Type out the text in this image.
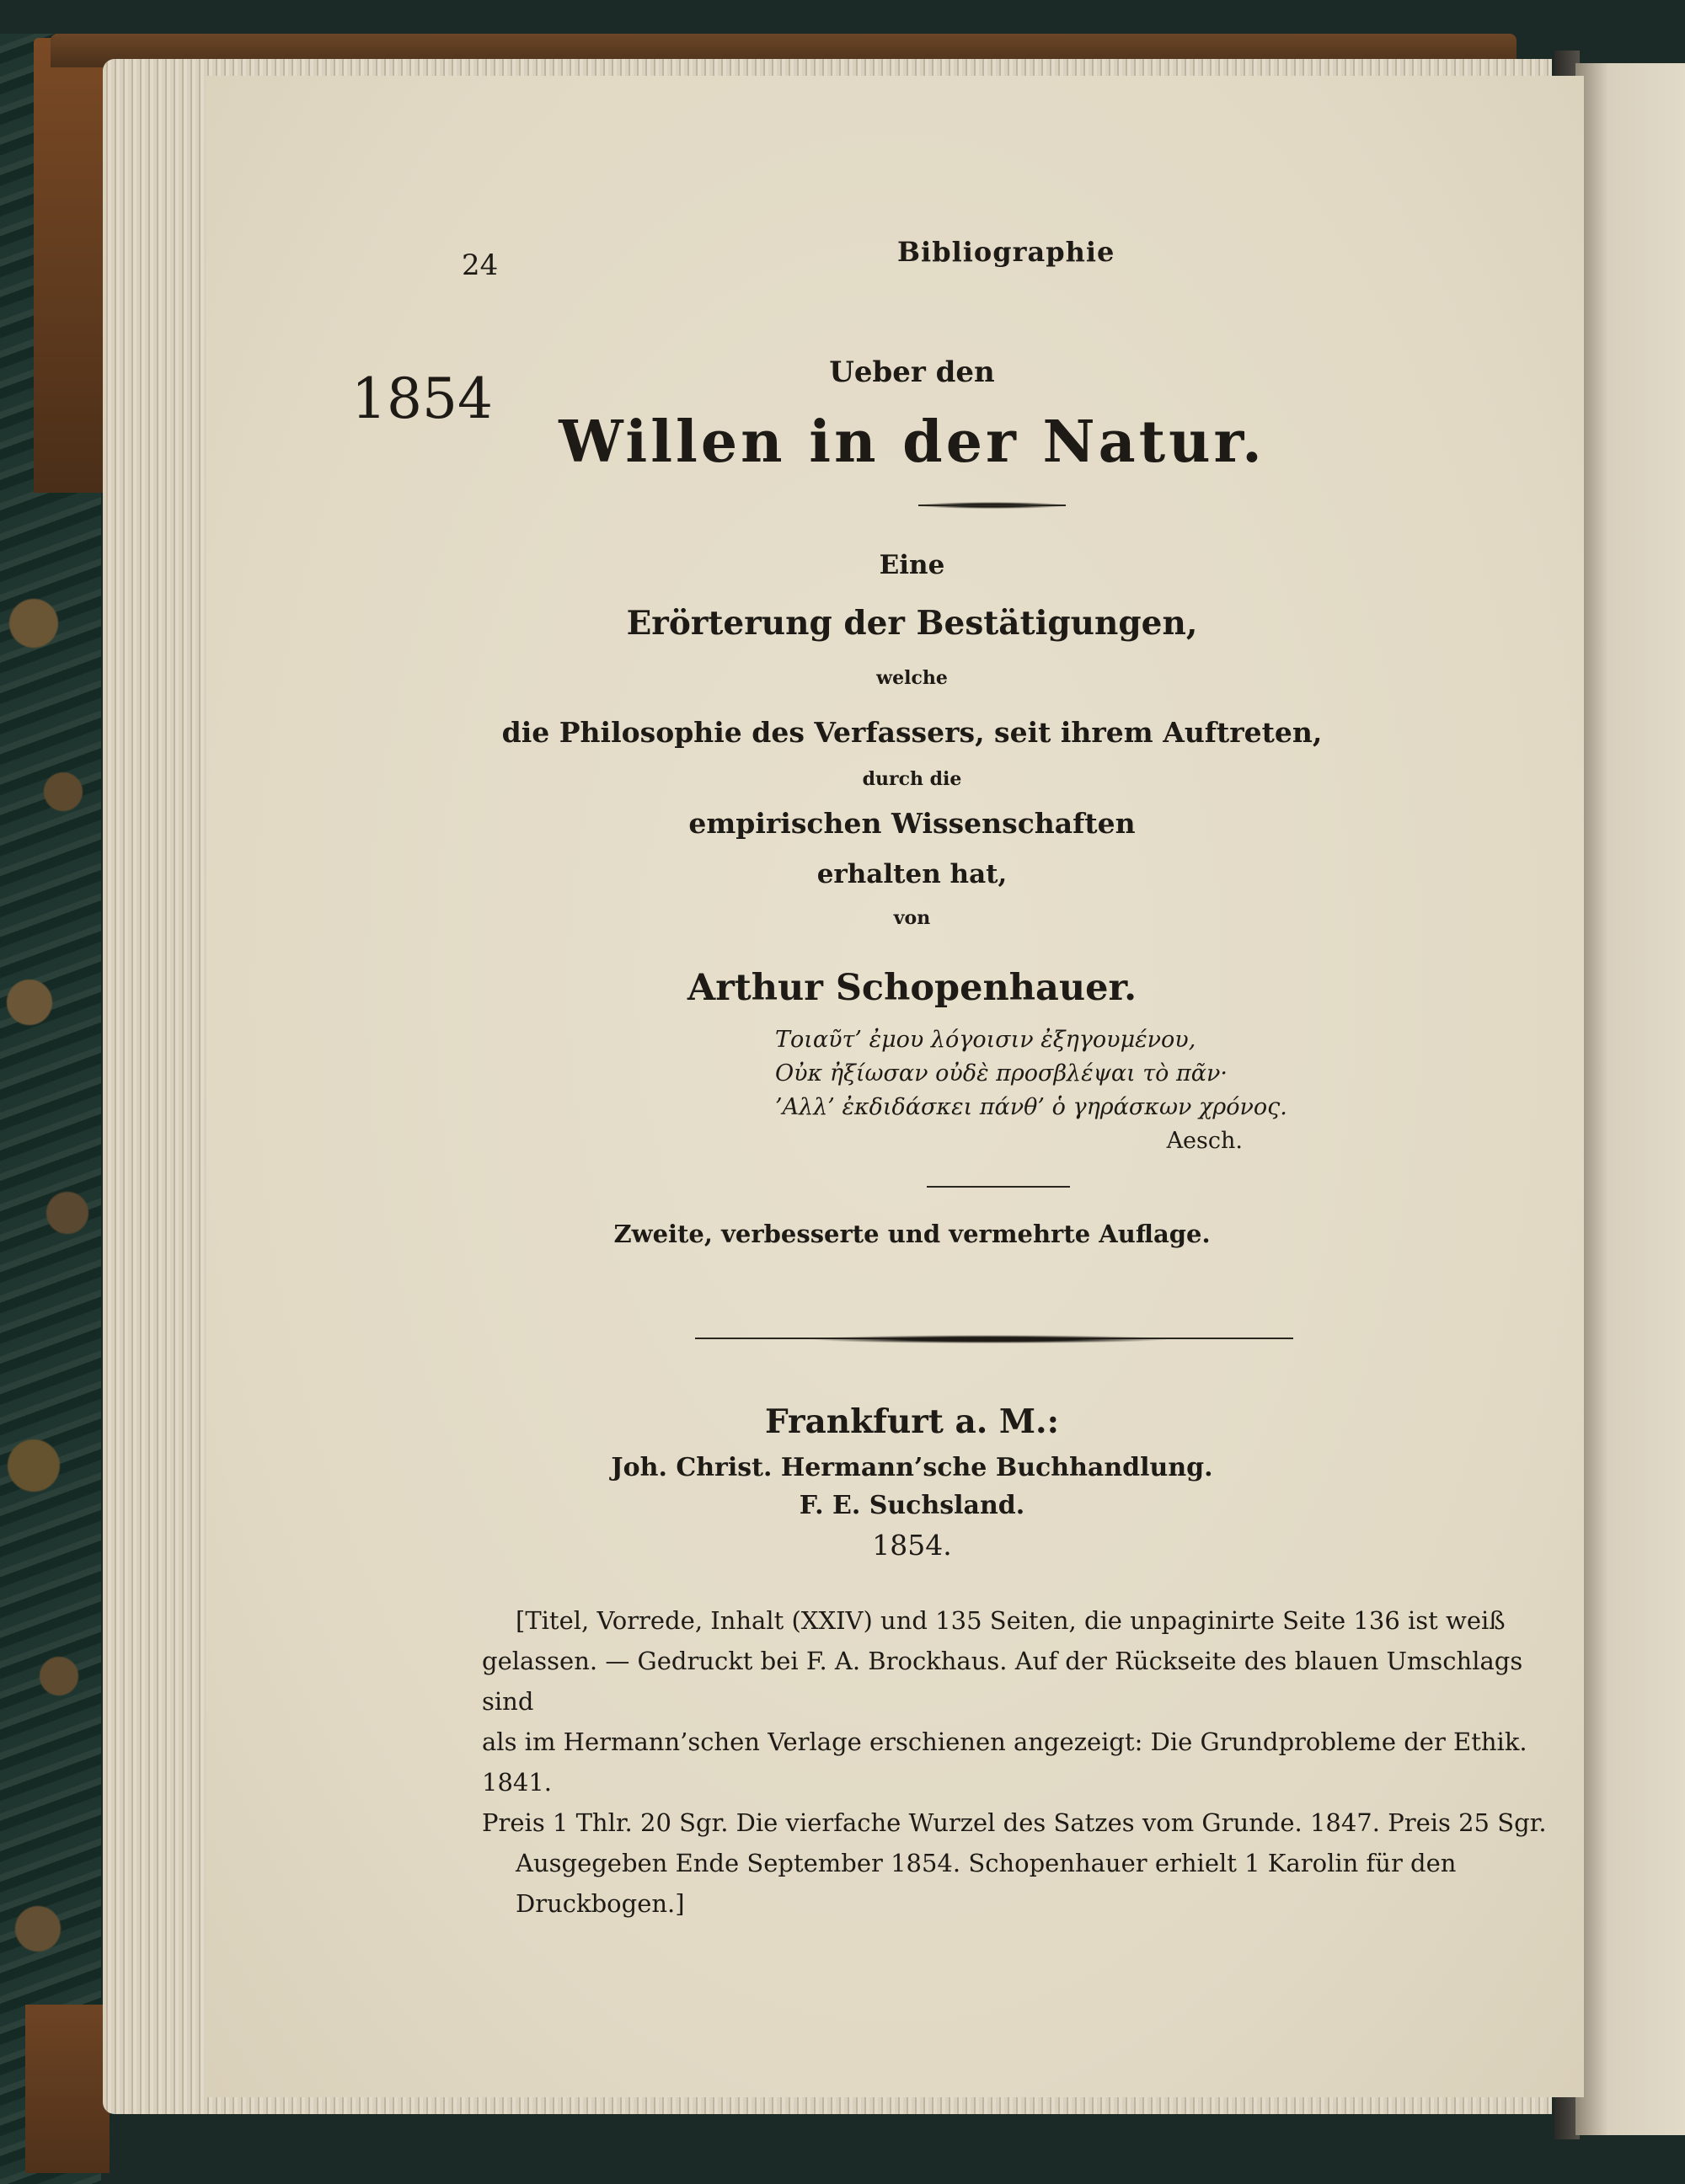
24	Bibliographie
1854	Ueber den
Willen in der Natur.
Eine
Erörterung der Bestätigungen,
welche
die Philosophie des Verfassers, seit ihrem Auftreten,
durch die
empirischen Wissenschaften
erhalten hat,
von
Arthur Schopenhauer.
Τοιαῦτ’ ἐμου λόγοισιν ἐξηγουμένου,
Οὐκ ἠξίωσαν οὐδὲ προσβλέψαι τὸ πᾶν·
’Αλλ’ ἐκδιδάσκει πάνθ’ ὁ γηράσκων χρόνος.
Aesch.
Zweite, verbesserte und vermehrte Auflage.
Frankfurt a. M.:
Joh. Christ. Hermann’sche Buchhandlung.
F. E. Suchsland.
1854.
[Titel, Vorrede, Inhalt (XXIV) und 135 Seiten, die unpaginirte Seite 136 ist weiß
gelassen. — Gedruckt bei F. A. Brockhaus. Auf der Rückseite des blauen Umschlags sind
als im Hermann’schen Verlage erschienen angezeigt: Die Grundprobleme der Ethik. 1841.
Preis 1 Thlr. 20 Sgr. Die vierfache Wurzel des Satzes vom Grunde. 1847. Preis 25 Sgr.
Ausgegeben Ende September 1854. Schopenhauer erhielt 1 Karolin für den Druckbogen.]
